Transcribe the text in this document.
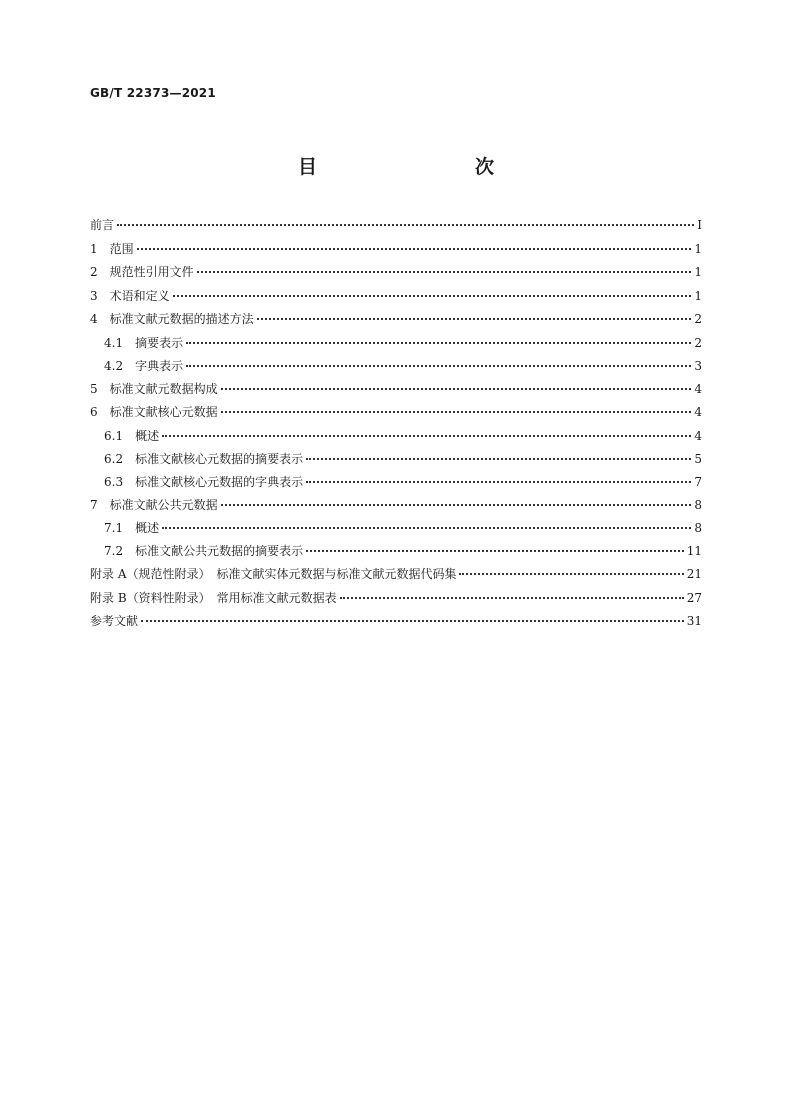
GB/T 22373—2021
目　　次
前言	Ⅰ
1 范围	1
2 规范性引用文件	1
3 术语和定义	1
4 标准文献元数据的描述方法	2
4.1 摘要表示	2
4.2 字典表示	3
5 标准文献元数据构成	4
6 标准文献核心元数据	4
6.1 概述	4
6.2 标准文献核心元数据的摘要表示	5
6.3 标准文献核心元数据的字典表示	7
7 标准文献公共元数据	8
7.1 概述	8
7.2 标准文献公共元数据的摘要表示	11
附录 A（规范性附录）　标准文献实体元数据与标准文献元数据代码集	21
附录 B（资料性附录）　常用标准文献元数据表	27
参考文献	31
